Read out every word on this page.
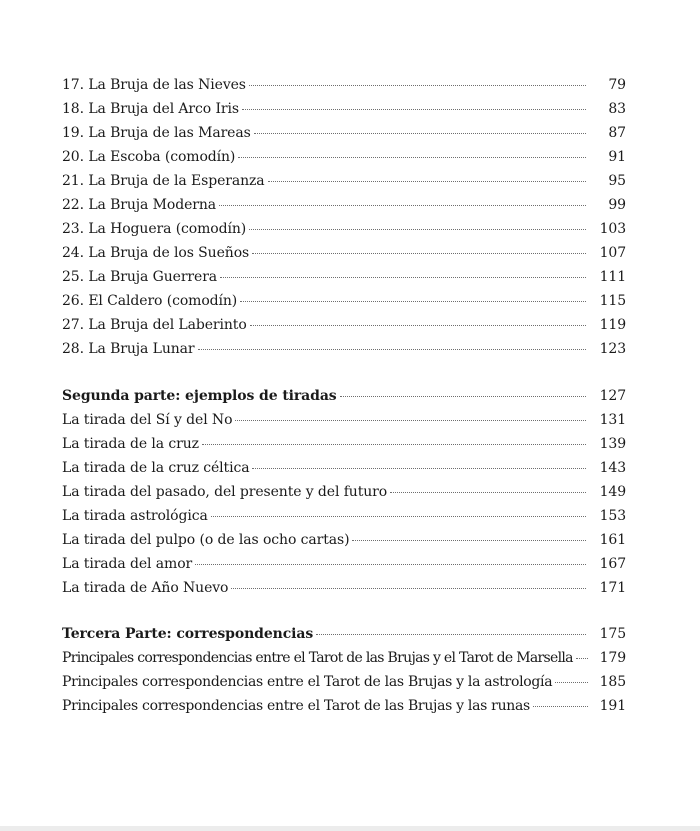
17. La Bruja de las Nieves	79
18. La Bruja del Arco Iris	83
19. La Bruja de las Mareas	87
20. La Escoba (comodín)	91
21. La Bruja de la Esperanza	95
22. La Bruja Moderna	99
23. La Hoguera (comodín)	103
24. La Bruja de los Sueños	107
25. La Bruja Guerrera	111
26. El Caldero (comodín)	115
27. La Bruja del Laberinto	119
28. La Bruja Lunar	123
Segunda parte: ejemplos de tiradas	127
La tirada del Sí y del No	131
La tirada de la cruz	139
La tirada de la cruz céltica	143
La tirada del pasado, del presente y del futuro	149
La tirada astrológica	153
La tirada del pulpo (o de las ocho cartas)	161
La tirada del amor	167
La tirada de Año Nuevo	171
Tercera Parte: correspondencias	175
Principales correspondencias entre el Tarot de las Brujas y el Tarot de Marsella 179
Principales correspondencias entre el Tarot de las Brujas y la astrología	185
Principales correspondencias entre el Tarot de las Brujas y las runas	191
